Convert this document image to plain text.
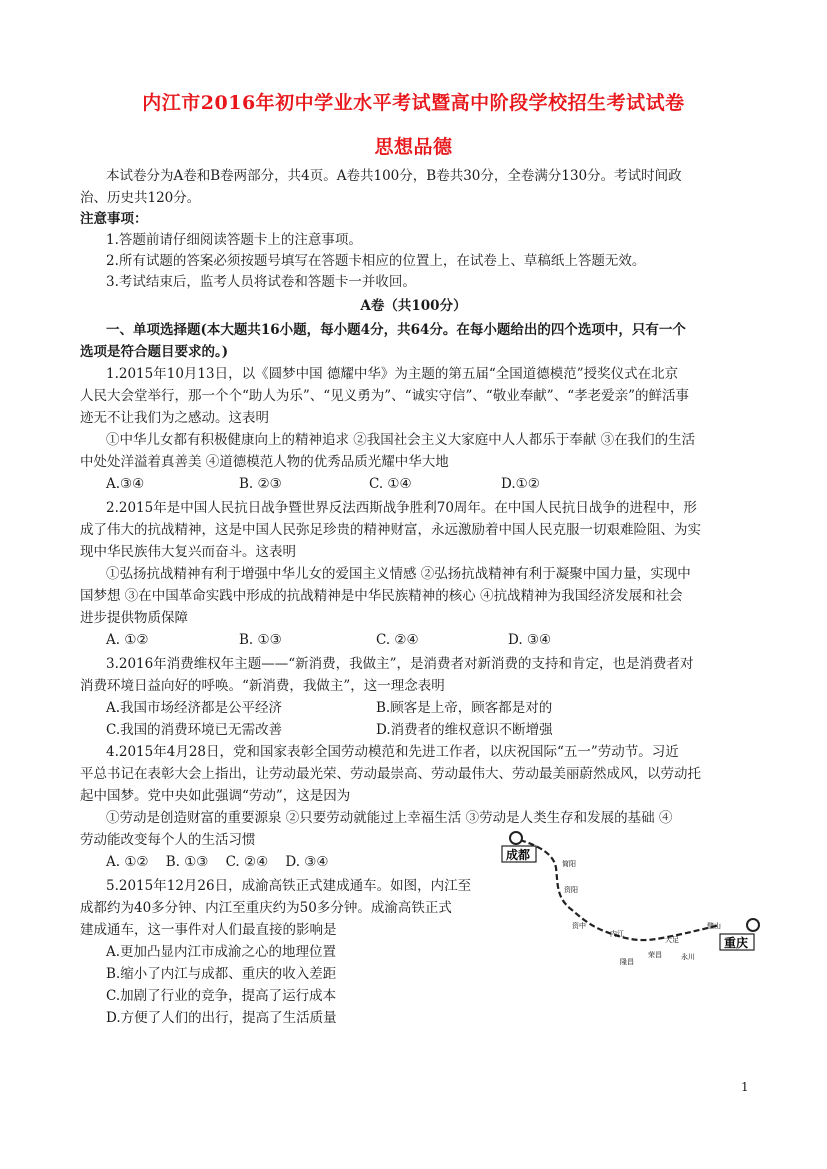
内江市2016年初中学业水平考试暨高中阶段学校招生考试试卷
思想品德
本试卷分为A卷和B卷两部分，共4页。A卷共100分，B卷共30分，全卷满分130分。考试时间政
治、历史共120分。
注意事项：
1.答题前请仔细阅读答题卡上的注意事项。
2.所有试题的答案必须按题号填写在答题卡相应的位置上，在试卷上、草稿纸上答题无效。
3.考试结束后，监考人员将试卷和答题卡一并收回。
A卷（共100分）
一、单项选择题(本大题共16小题，每小题4分，共64分。在每小题给出的四个选项中，只有一个
选项是符合题目要求的。)
1.2015年10月13日，以《圆梦中国 德耀中华》为主题的第五届“全国道德模范”授奖仪式在北京
人民大会堂举行，那一个个“助人为乐”、“见义勇为”、“诚实守信”、“敬业奉献”、“孝老爱亲”的鲜活事
迹无不让我们为之感动。这表明
①中华儿女都有积极健康向上的精神追求 ②我国社会主义大家庭中人人都乐于奉献 ③在我们的生活
中处处洋溢着真善美 ④道德模范人物的优秀品质光耀中华大地
A.③④	B. ②③	C. ①④	D.①②
2.2015年是中国人民抗日战争暨世界反法西斯战争胜利70周年。在中国人民抗日战争的进程中，形
成了伟大的抗战精神，这是中国人民弥足珍贵的精神财富，永远激励着中国人民克服一切艰难险阻、为实
现中华民族伟大复兴而奋斗。这表明
①弘扬抗战精神有利于增强中华儿女的爱国主义情感 ②弘扬抗战精神有利于凝聚中国力量，实现中
国梦想 ③在中国革命实践中形成的抗战精神是中华民族精神的核心 ④抗战精神为我国经济发展和社会
进步提供物质保障
A. ①②	B. ①③	C. ②④	D. ③④
3.2016年消费维权年主题——“新消费，我做主”，是消费者对新消费的支持和肯定，也是消费者对
消费环境日益向好的呼唤。“新消费，我做主”，这一理念表明
A.我国市场经济都是公平经济	B.顾客是上帝，顾客都是对的
C.我国的消费环境已无需改善	D.消费者的维权意识不断增强
4.2015年4月28日，党和国家表彰全国劳动模范和先进工作者，以庆祝国际“五一”劳动节。习近
平总书记在表彰大会上指出，让劳动最光荣、劳动最崇高、劳动最伟大、劳动最美丽蔚然成风，以劳动托
起中国梦。党中央如此强调“劳动”，这是因为
①劳动是创造财富的重要源泉 ②只要劳动就能过上幸福生活 ③劳动是人类生存和发展的基础 ④
劳动能改变每个人的生活习惯
A. ①②    B. ①③    C. ②④    D. ③④
5.2015年12月26日，成渝高铁正式建成通车。如图，内江至
成都约为40多分钟、内江至重庆约为50多分钟。成渝高铁正式
建成通车，这一事件对人们最直接的影响是
A.更加凸显内江市成渝之心的地理位置
B.缩小了内江与成都、重庆的收入差距
C.加剧了行业的竞争，提高了运行成本
D.方便了人们的出行，提高了生活质量
成都
重庆
简阳
资阳
资中
内江
隆昌
荣昌
大足
永川
璧山
1
